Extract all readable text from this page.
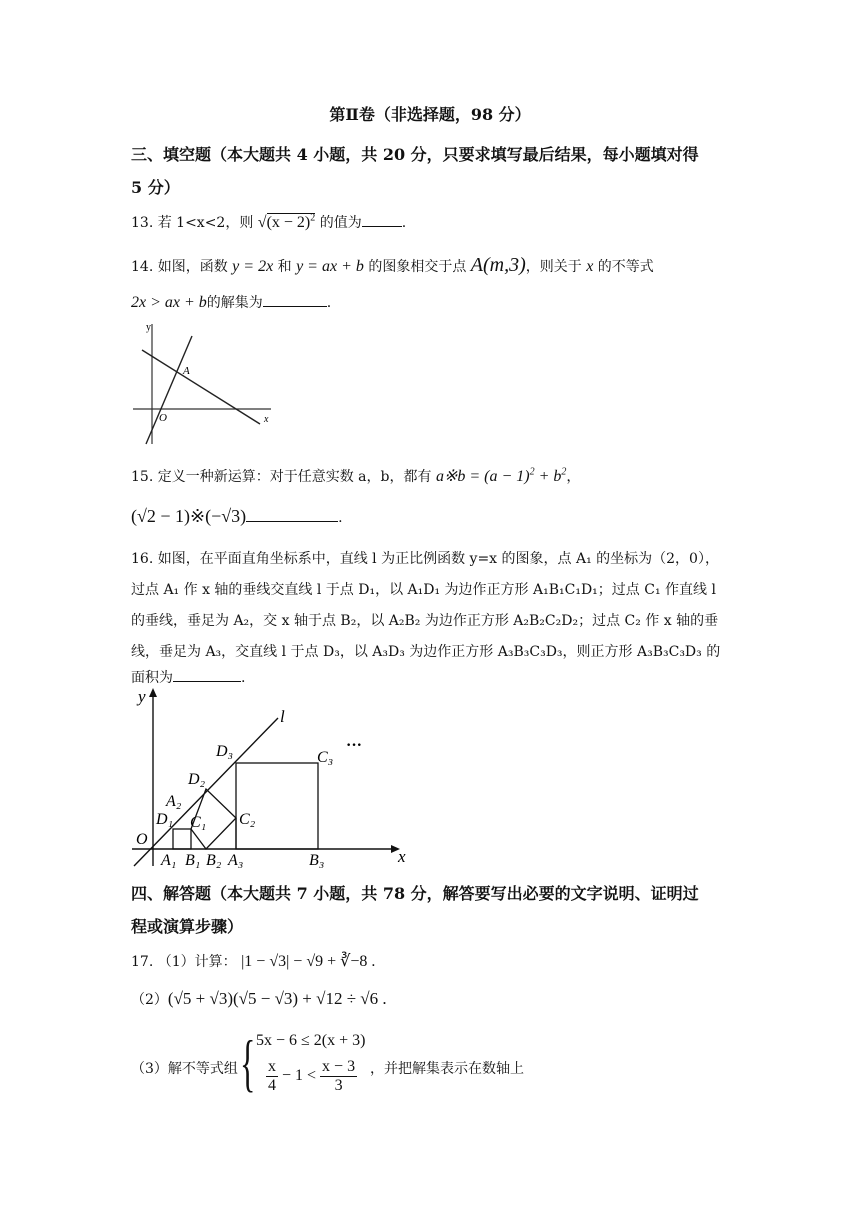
第Ⅱ卷（非选择题，98 分）
三、填空题（本大题共 4 小题，共 20 分，只要求填写最后结果，每小题填对得
5 分）
13. 若 1<x<2，则 $√(x - 2)^2$ 的值为	.
14. 如图，函数 y = 2x 和 y = ax + b 的图象相交于点 A(m,3)，则关于 x 的不等式
2x > ax + b的解集为	.
y
x
O
A
15. 定义一种新运算：对于任意实数 a，b，都有 a※b = $(a - 1)^2 + b^2$，
(√2 − 1)※(−√3)	.
16. 如图，在平面直角坐标系中，直线 l 为正比例函数 y=x 的图象，点 A₁ 的坐标为（2，0），
过点 A₁ 作 x 轴的垂线交直线 l 于点 D₁，以 A₁D₁ 为边作正方形 A₁B₁C₁D₁；过点 C₁ 作直线 l
的垂线，垂足为 A₂，交 x 轴于点 B₂，以 A₂B₂ 为边作正方形 A₂B₂C₂D₂；过点 C₂ 作 x 轴的垂
线，垂足为 A₃，交直线 l 于点 D₃，以 A₃D₃ 为边作正方形 A₃B₃C₃D₃，则正方形 A₃B₃C₃D₃ 的
面积为	.
y
x
l
O
···
D₃
D₂
A₂
D₁ C₁ C₂
C₃
A₁ B₁ B₂ A₃	B₃
四、解答题（本大题共 7 小题，共 78 分，解答要写出必要的文字说明、证明过
程或演算步骤）
17. （1）计算： |1 − √3| − √9 + ∛−8 .
（2）(√5 + √3)(√5 − √3) + √12 ÷ √6 .
（3）解不等式组 { 5x − 6 ≤ 2(x + 3)
$\frac{x}{4} - 1 < \frac{x - 3}{3}$ ，并把解集表示在数轴上
